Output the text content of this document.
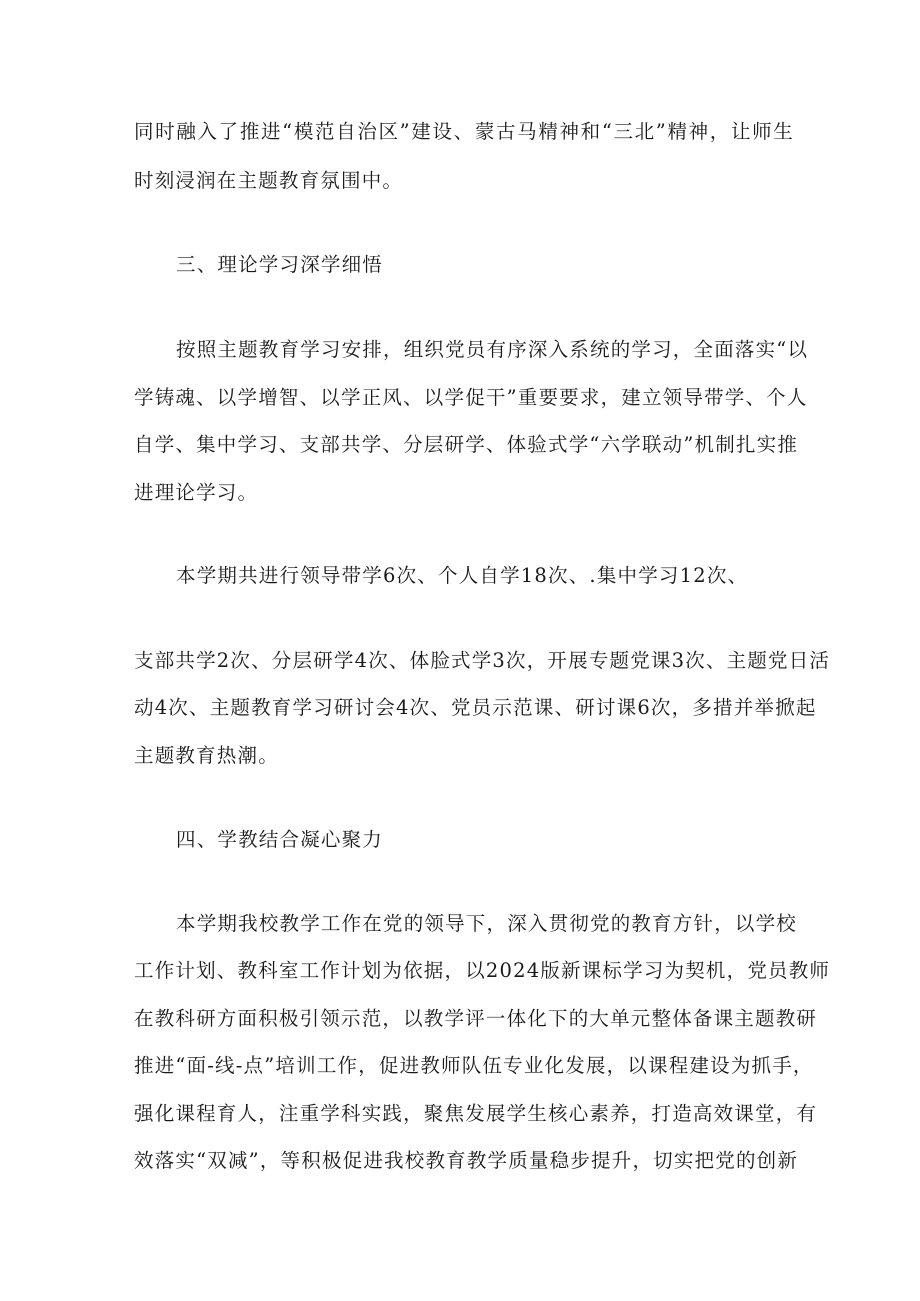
同时融入了推进“模范自治区”建设、蒙古马精神和“三北”精神，让师生
时刻浸润在主题教育氛围中。
三、理论学习深学细悟
按照主题教育学习安排，组织党员有序深入系统的学习，全面落实“以
学铸魂、以学增智、以学正风、以学促干”重要要求，建立领导带学、个人
自学、集中学习、支部共学、分层研学、体验式学“六学联动”机制扎实推
进理论学习。
本学期共进行领导带学6次、个人自学18次、.集中学习12次、
支部共学2次、分层研学4次、体脸式学3次，开展专题党课3次、主题党日活
动4次、主题教育学习研讨会4次、党员示范课、研讨课6次，多措并举掀起
主题教育热潮。
四、学教结合凝心聚力
本学期我校教学工作在党的领导下，深入贯彻党的教育方针，以学校
工作计划、教科室工作计划为依据，以2024版新课标学习为契机，党员教师
在教科研方面积极引领示范，以教学评一体化下的大单元整体备课主题教研
推进“面-线-点”培训工作，促进教师队伍专业化发展，以课程建设为抓手，
强化课程育人，注重学科实践，聚焦发展学生核心素养，打造高效课堂，有
效落实“双减”，等积极促进我校教育教学质量稳步提升，切实把党的创新
